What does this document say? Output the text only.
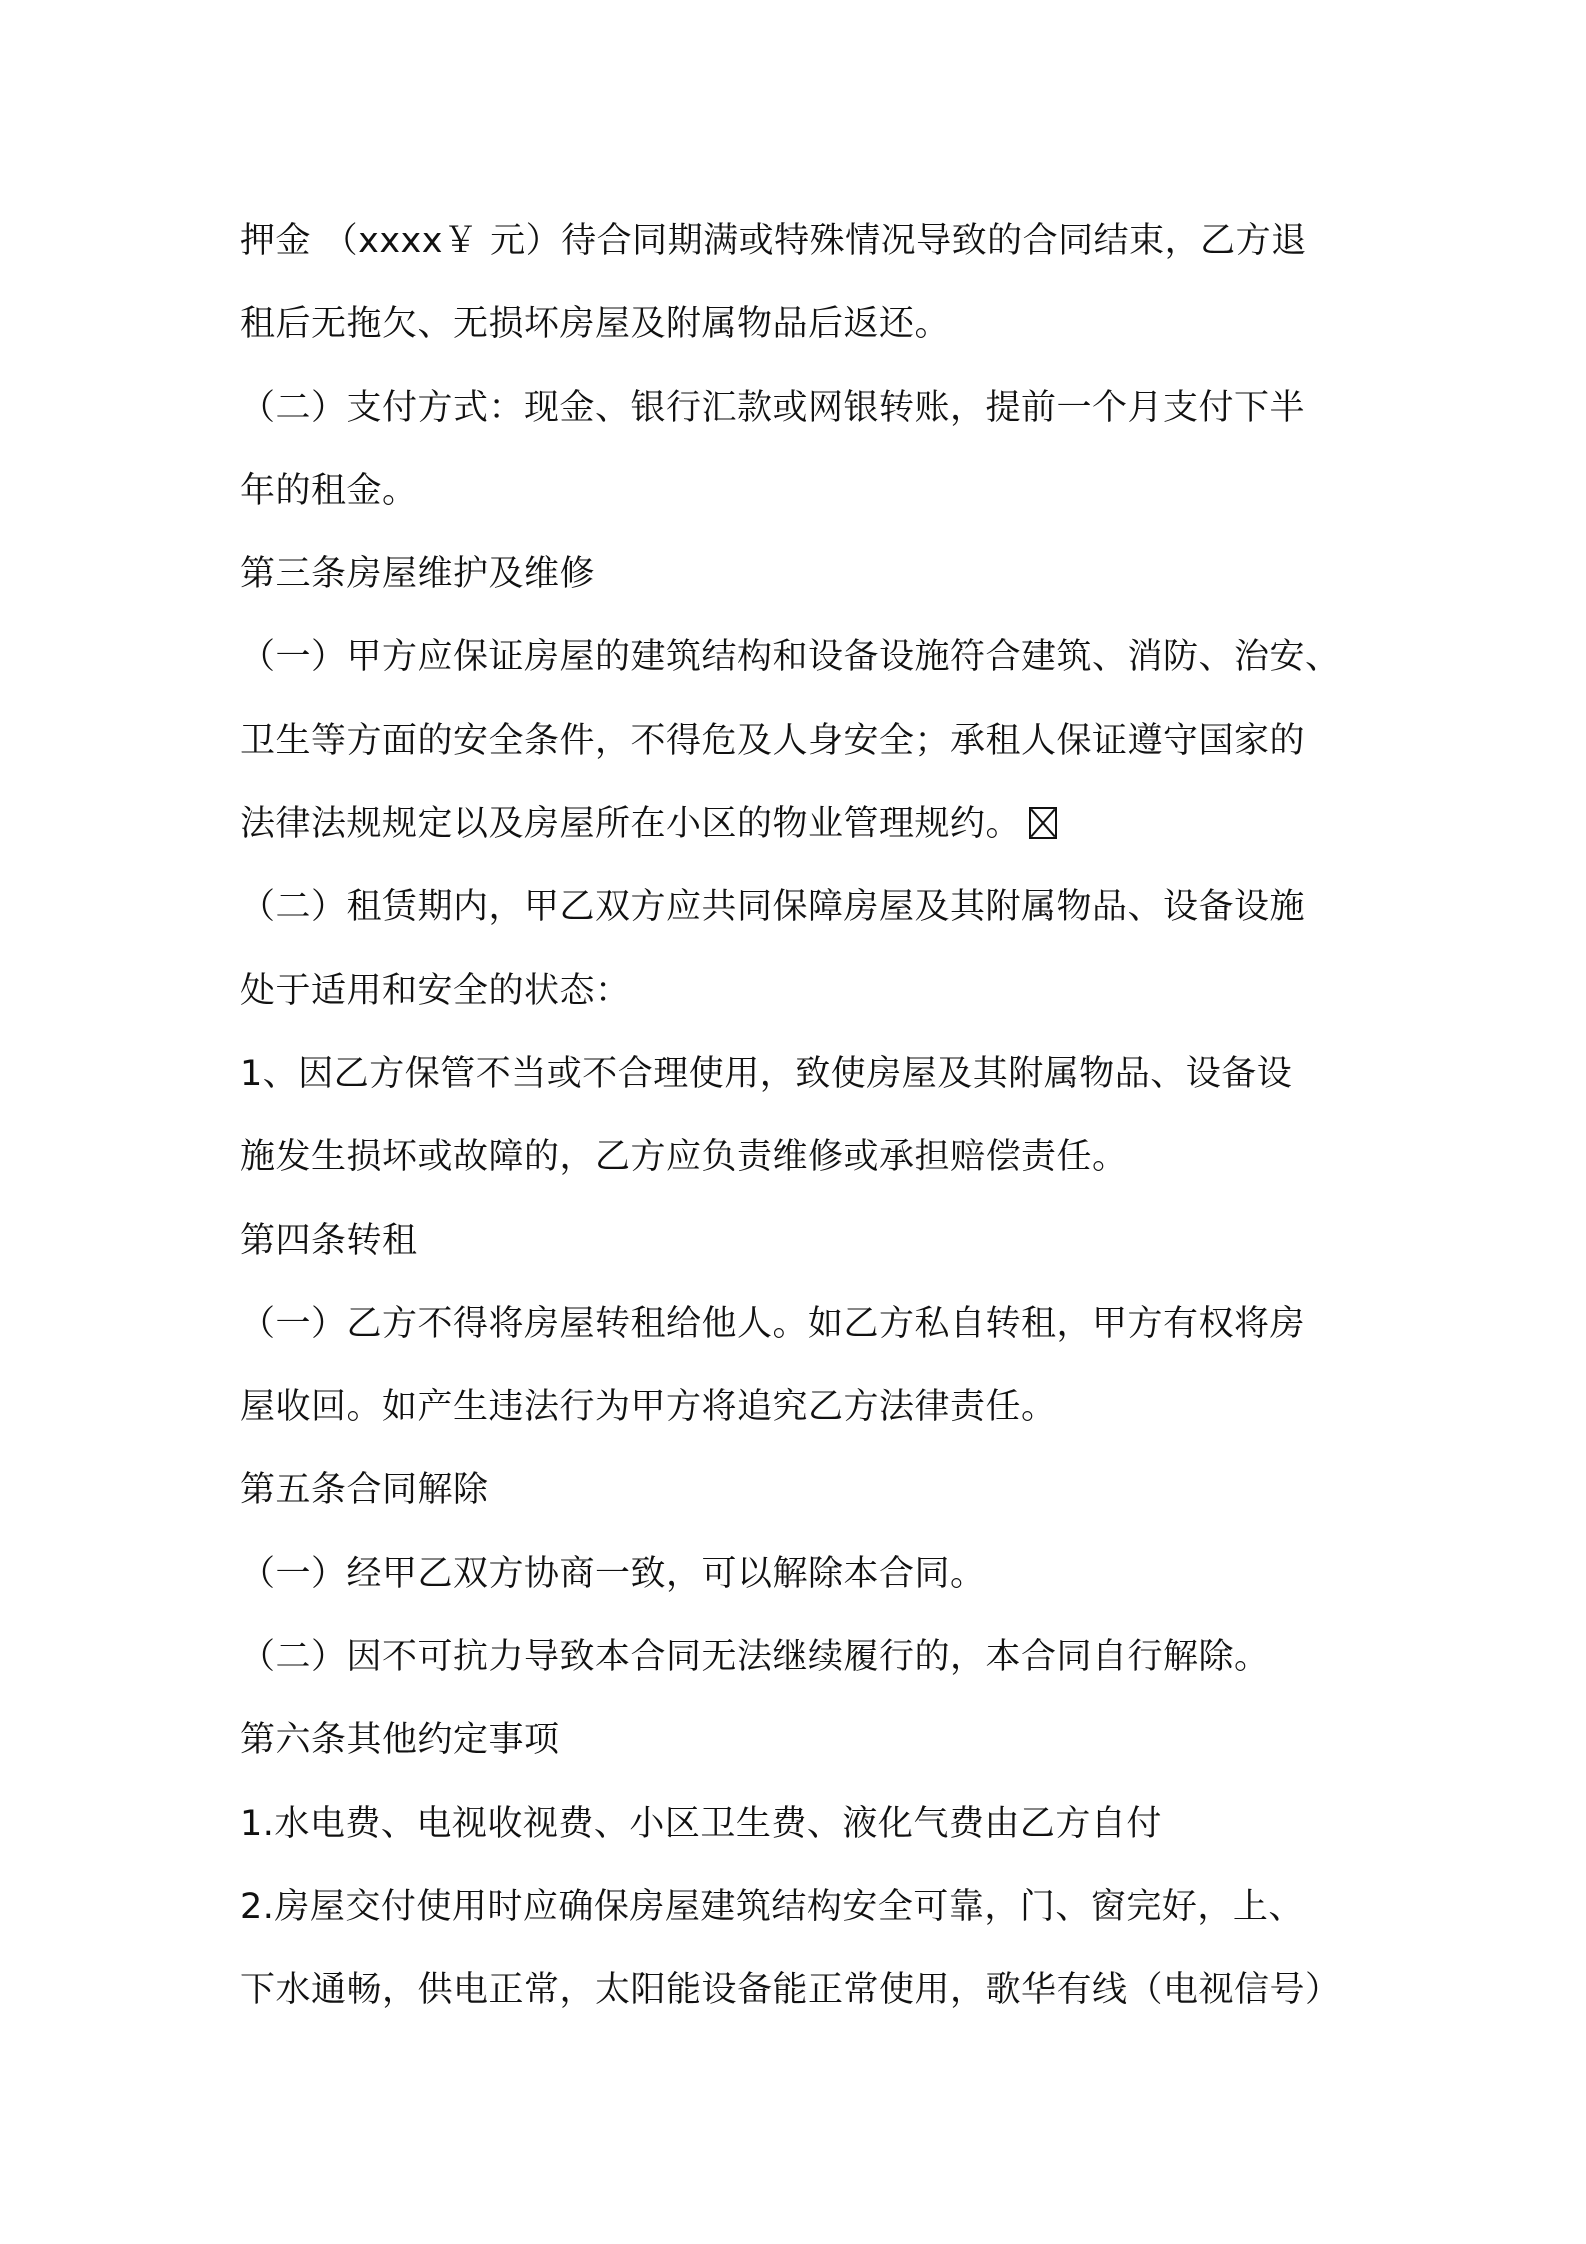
押金 （xxxx￥ 元）待合同期满或特殊情况导致的合同结束，乙方退
租后无拖欠、无损坏房屋及附属物品后返还。
（二）支付方式：现金、银行汇款或网银转账，提前一个月支付下半
年的租金。
第三条房屋维护及维修
（一）甲方应保证房屋的建筑结构和设备设施符合建筑、消防、治安、
卫生等方面的安全条件，不得危及人身安全；承租人保证遵守国家的
法律法规规定以及房屋所在小区的物业管理规约。
（二）租赁期内，甲乙双方应共同保障房屋及其附属物品、设备设施
处于适用和安全的状态：
1、因乙方保管不当或不合理使用，致使房屋及其附属物品、设备设
施发生损坏或故障的，乙方应负责维修或承担赔偿责任。
第四条转租
（一）乙方不得将房屋转租给他人。如乙方私自转租，甲方有权将房
屋收回。如产生违法行为甲方将追究乙方法律责任。
第五条合同解除
（一）经甲乙双方协商一致，可以解除本合同。
（二）因不可抗力导致本合同无法继续履行的，本合同自行解除。
第六条其他约定事项
1.水电费、电视收视费、小区卫生费、液化气费由乙方自付
2.房屋交付使用时应确保房屋建筑结构安全可靠，门、窗完好，上、
下水通畅，供电正常，太阳能设备能正常使用，歌华有线（电视信号）
